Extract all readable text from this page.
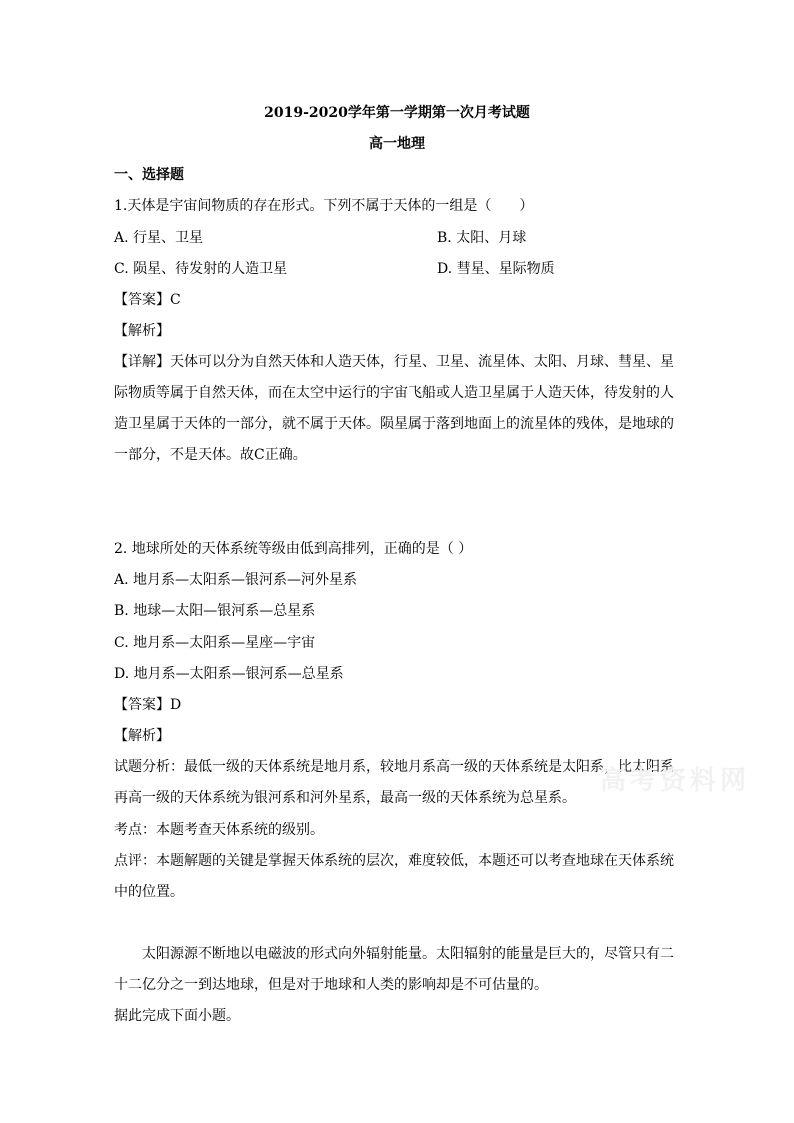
2019-2020学年第一学期第一次月考试题
高一地理
一、选择题
1.天体是宇宙间物质的存在形式。下列不属于天体的一组是（　　）
A. 行星、卫星	B. 太阳、月球
C. 陨星、待发射的人造卫星	D. 彗星、星际物质
【答案】C
【解析】
【详解】天体可以分为自然天体和人造天体，行星、卫星、流星体、太阳、月球、彗星、星
际物质等属于自然天体，而在太空中运行的宇宙飞船或人造卫星属于人造天体，待发射的人
造卫星属于天体的一部分，就不属于天体。陨星属于落到地面上的流星体的残体，是地球的
一部分，不是天体。故C正确。
2. 地球所处的天体系统等级由低到高排列，正确的是（ ）
A. 地月系—太阳系—银河系—河外星系
B. 地球—太阳—银河系—总星系
C. 地月系—太阳系—星座—宇宙
D. 地月系—太阳系—银河系—总星系
【答案】D
【解析】
试题分析：最低一级的天体系统是地月系，较地月系高一级的天体系统是太阳系，比太阳系
再高一级的天体系统为银河系和河外星系，最高一级的天体系统为总星系。
考点：本题考查天体系统的级别。
点评：本题解题的关键是掌握天体系统的层次，难度较低，本题还可以考查地球在天体系统
中的位置。
太阳源源不断地以电磁波的形式向外辐射能量。太阳辐射的能量是巨大的，尽管只有二
十二亿分之一到达地球，但是对于地球和人类的影响却是不可估量的。
据此完成下面小题。
高考资料网
